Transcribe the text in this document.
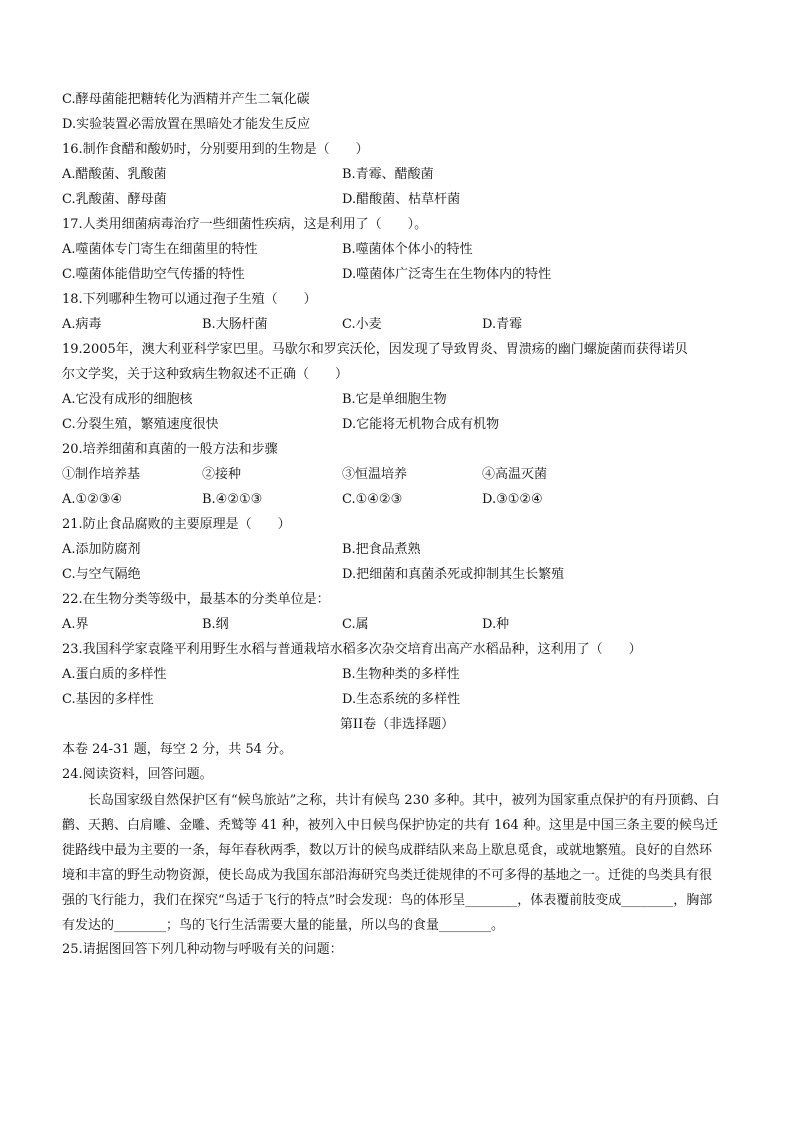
C.酵母菌能把糖转化为酒精并产生二氧化碳
D.实验装置必需放置在黑暗处才能发生反应
16.制作食醋和酸奶时，分别要用到的生物是（　　）
A.醋酸菌、乳酸菌	B.青霉、醋酸菌
C.乳酸菌、酵母菌	D.醋酸菌、枯草杆菌
17.人类用细菌病毒治疗一些细菌性疾病，这是利用了（　　）。
A.噬菌体专门寄生在细菌里的特性	B.噬菌体个体小的特性
C.噬菌体能借助空气传播的特性	D.噬菌体广泛寄生在生物体内的特性
18.下列哪种生物可以通过孢子生殖（　　）
A.病毒	B.大肠杆菌	C.小麦	D.青霉
19.2005年，澳大利亚科学家巴里。马歇尔和罗宾沃伦，因发现了导致胃炎、胃溃疡的幽门螺旋菌而获得诺贝
尔文学奖，关于这种致病生物叙述不正确（　　）
A.它没有成形的细胞核	B.它是单细胞生物
C.分裂生殖，繁殖速度很快	D.它能将无机物合成有机物
20.培养细菌和真菌的一般方法和步骤
①制作培养基	②接种	③恒温培养	④高温灭菌
A.①②③④	B.④②①③	C.①④②③	D.③①②④
21.防止食品腐败的主要原理是（　　）
A.添加防腐剂	B.把食品煮熟
C.与空气隔绝	D.把细菌和真菌杀死或抑制其生长繁殖
22.在生物分类等级中，最基本的分类单位是：
A.界	B.纲	C.属	D.种
23.我国科学家袁隆平利用野生水稻与普通栽培水稻多次杂交培育出高产水稻品种，这利用了（　　）
A.蛋白质的多样性	B.生物种类的多样性
C.基因的多样性	D.生态系统的多样性
第II卷（非选择题）
本卷 24-31 题，每空 2 分，共 54 分。
24.阅读资料，回答问题。
长岛国家级自然保护区有“候鸟旅站”之称，共计有候鸟 230 多种。其中，被列为国家重点保护的有丹顶鹤、白鹳、天鹅、白肩雕、金雕、秃鹫等 41 种，被列入中日候鸟保护协定的共有 164 种。这里是中国三条主要的候鸟迁徙路线中最为主要的一条，每年春秋两季，数以万计的候鸟成群结队来岛上歇息觅食，或就地繁殖。良好的自然环境和丰富的野生动物资源，使长岛成为我国东部沿海研究鸟类迁徙规律的不可多得的基地之一。迁徙的鸟类具有很强的飞行能力，我们在探究“鸟适于飞行的特点”时会发现：鸟的体形呈________，体表覆前肢变成________，胸部有发达的________；鸟的飞行生活需要大量的能量，所以鸟的食量________。
25.请据图回答下列几种动物与呼吸有关的问题：
